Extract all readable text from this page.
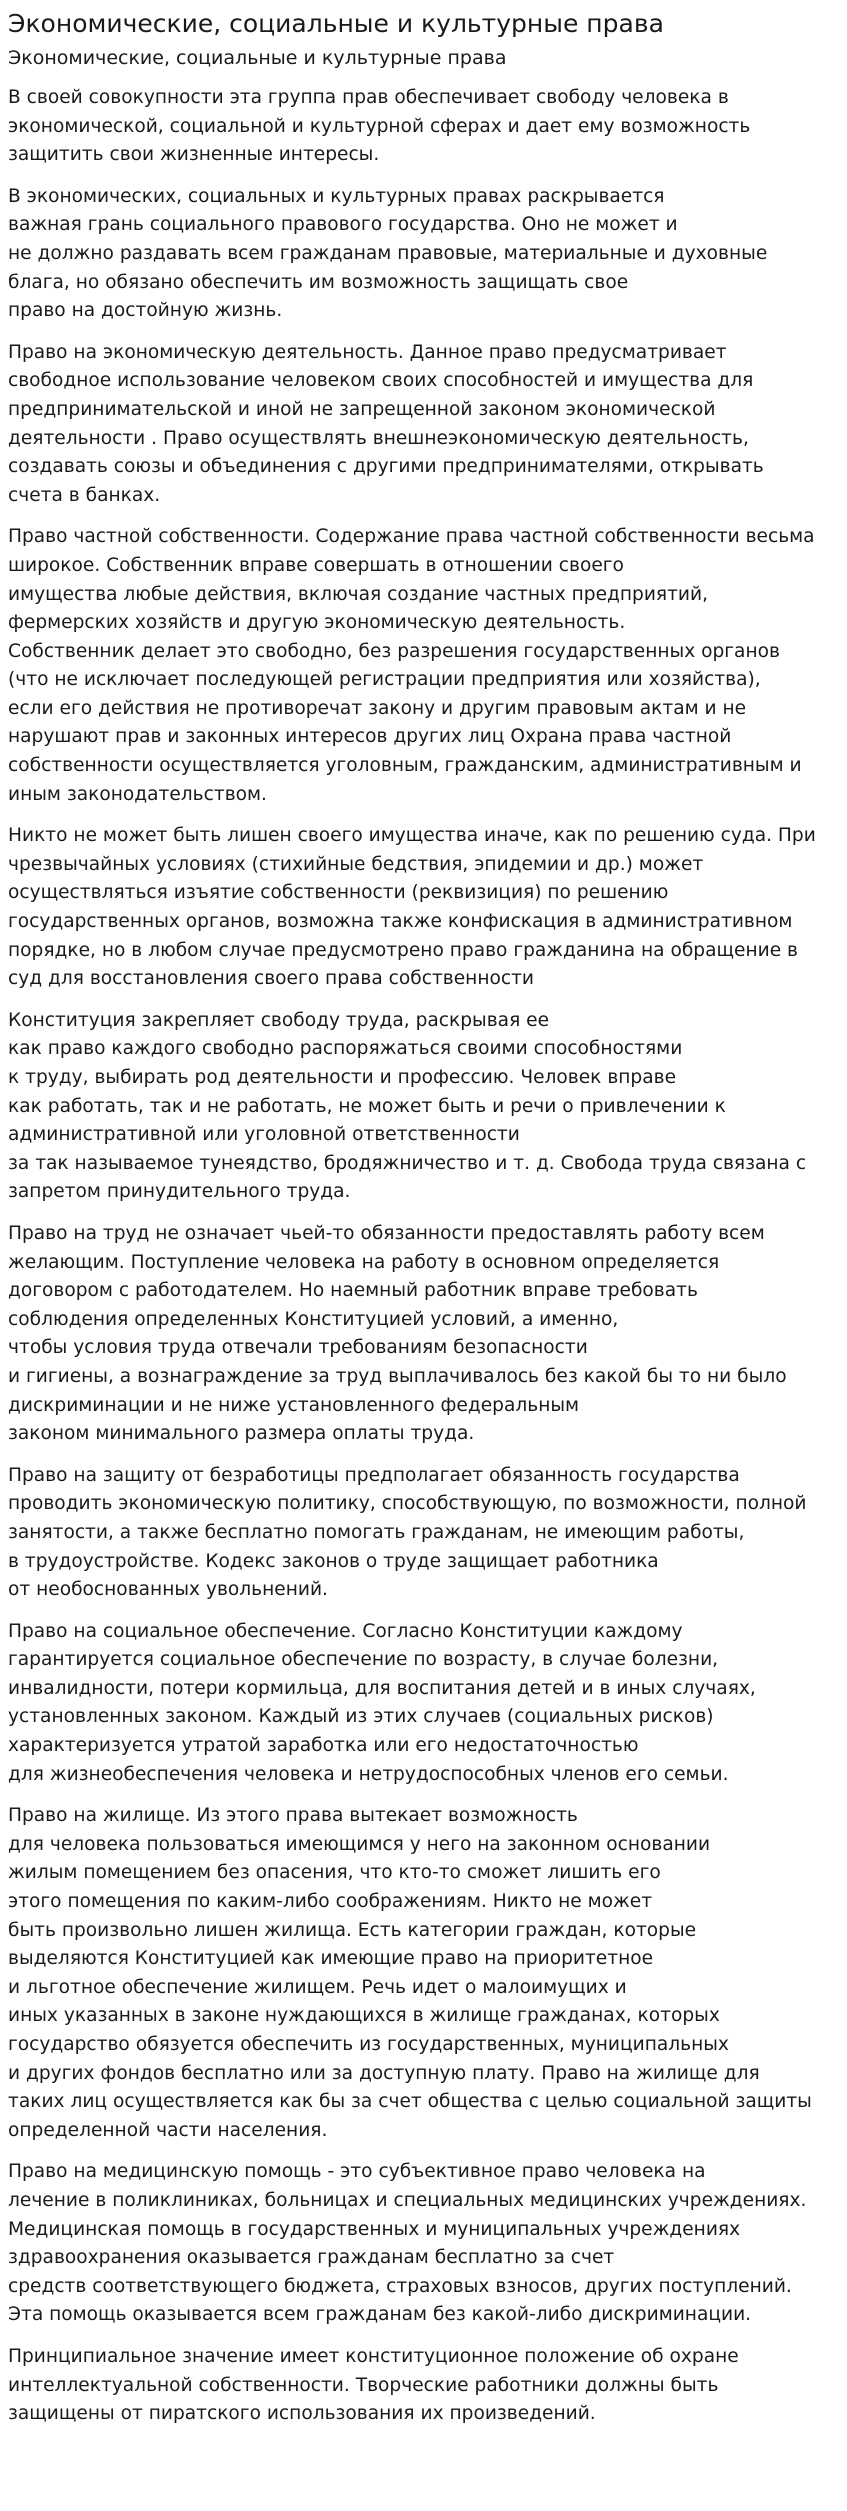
Экономические, социальные и культурные права
Экономические, социальные и культурные права

В своей совокупности эта группа прав обеспечивает свободу человека в
экономической, социальной и культурной сферах и дает ему возможность
защитить свои жизненные интересы.

В экономических, социальных и культурных правах раскрывается
важная грань социального правового государства. Оно не может и
не должно раздавать всем гражданам правовые, материальные и духовные
блага, но обязано обеспечить им возможность защищать свое
право на достойную жизнь.

Право на экономическую деятельность. Данное право предусматривает
свободное использование человеком своих способностей и имущества для
предпринимательской и иной не запрещенной законом экономической
деятельности . Право осуществлять внешнеэкономическую деятельность,
создавать союзы и объединения с другими предпринимателями, открывать
счета в банках.

Право частной собственности. Содержание права частной собственности весьма
широкое. Собственник вправе совершать в отношении своего
имущества любые действия, включая создание частных предприятий,
фермерских хозяйств и другую экономическую деятельность.
Собственник делает это свободно, без разрешения государственных органов
(что не исключает последующей регистрации предприятия или хозяйства),
если его действия не противоречат закону и другим правовым актам и не
нарушают прав и законных интересов других лиц Охрана права частной
собственности осуществляется уголовным, гражданским, административным и
иным законодательством.

Никто не может быть лишен своего имущества иначе, как по решению суда. При
чрезвычайных условиях (стихийные бедствия, эпидемии и др.) может
осуществляться изъятие собственности (реквизиция) по решению
государственных органов, возможна также конфискация в административном
порядке, но в любом случае предусмотрено право гражданина на обращение в
суд для восстановления своего права собственности

Конституция закрепляет свободу труда, раскрывая ее
как право каждого свободно распоряжаться своими способностями
к труду, выбирать род деятельности и профессию. Человек вправе
как работать, так и не работать, не может быть и речи о привлечении к
административной или уголовной ответственности
за так называемое тунеядство, бродяжничество и т. д. Свобода труда связана с
запретом принудительного труда.

Право на труд не означает чьей-то обязанности предоставлять работу всем
желающим. Поступление человека на работу в основном определяется
договором с работодателем. Но наемный работник вправе требовать
соблюдения определенных Конституцией условий, а именно,
чтобы условия труда отвечали требованиям безопасности
и гигиены, а вознаграждение за труд выплачивалось без какой бы то ни было
дискриминации и не ниже установленного федеральным
законом минимального размера оплаты труда.

Право на защиту от безработицы предполагает обязанность государства
проводить экономическую политику, способствующую, по возможности, полной
занятости, а также бесплатно помогать гражданам, не имеющим работы,
в трудоустройстве. Кодекс законов о труде защищает работника
от необоснованных увольнений.

Право на социальное обеспечение. Согласно Конституции каждому
гарантируется социальное обеспечение по возрасту, в случае болезни,
инвалидности, потери кормильца, для воспитания детей и в иных случаях,
установленных законом. Каждый из этих случаев (социальных рисков)
характеризуется утратой заработка или его недостаточностью
для жизнеобеспечения человека и нетрудоспособных членов его семьи.

Право на жилище. Из этого права вытекает возможность
для человека пользоваться имеющимся у него на законном основании
жилым помещением без опасения, что кто-то сможет лишить его
этого помещения по каким-либо соображениям. Никто не может
быть произвольно лишен жилища. Есть категории граждан, которые
выделяются Конституцией как имеющие право на приоритетное
и льготное обеспечение жилищем. Речь идет о малоимущих и
иных указанных в законе нуждающихся в жилище гражданах, которых
государство обязуется обеспечить из государственных, муниципальных
и других фондов бесплатно или за доступную плату. Право на жилище для
таких лиц осуществляется как бы за счет общества с целью социальной защиты
определенной части населения.

Право на медицинскую помощь - это субъективное право человека на
лечение в поликлиниках, больницах и специальных медицинских учреждениях.
Медицинская помощь в государственных и муниципальных учреждениях
здравоохранения оказывается гражданам бесплатно за счет
средств соответствующего бюджета, страховых взносов, других поступлений.
Эта помощь оказывается всем гражданам без какой-либо дискриминации.

Принципиальное значение имеет конституционное положение об охране
интеллектуальной собственности. Творческие работники должны быть
защищены от пиратского использования их произведений.
